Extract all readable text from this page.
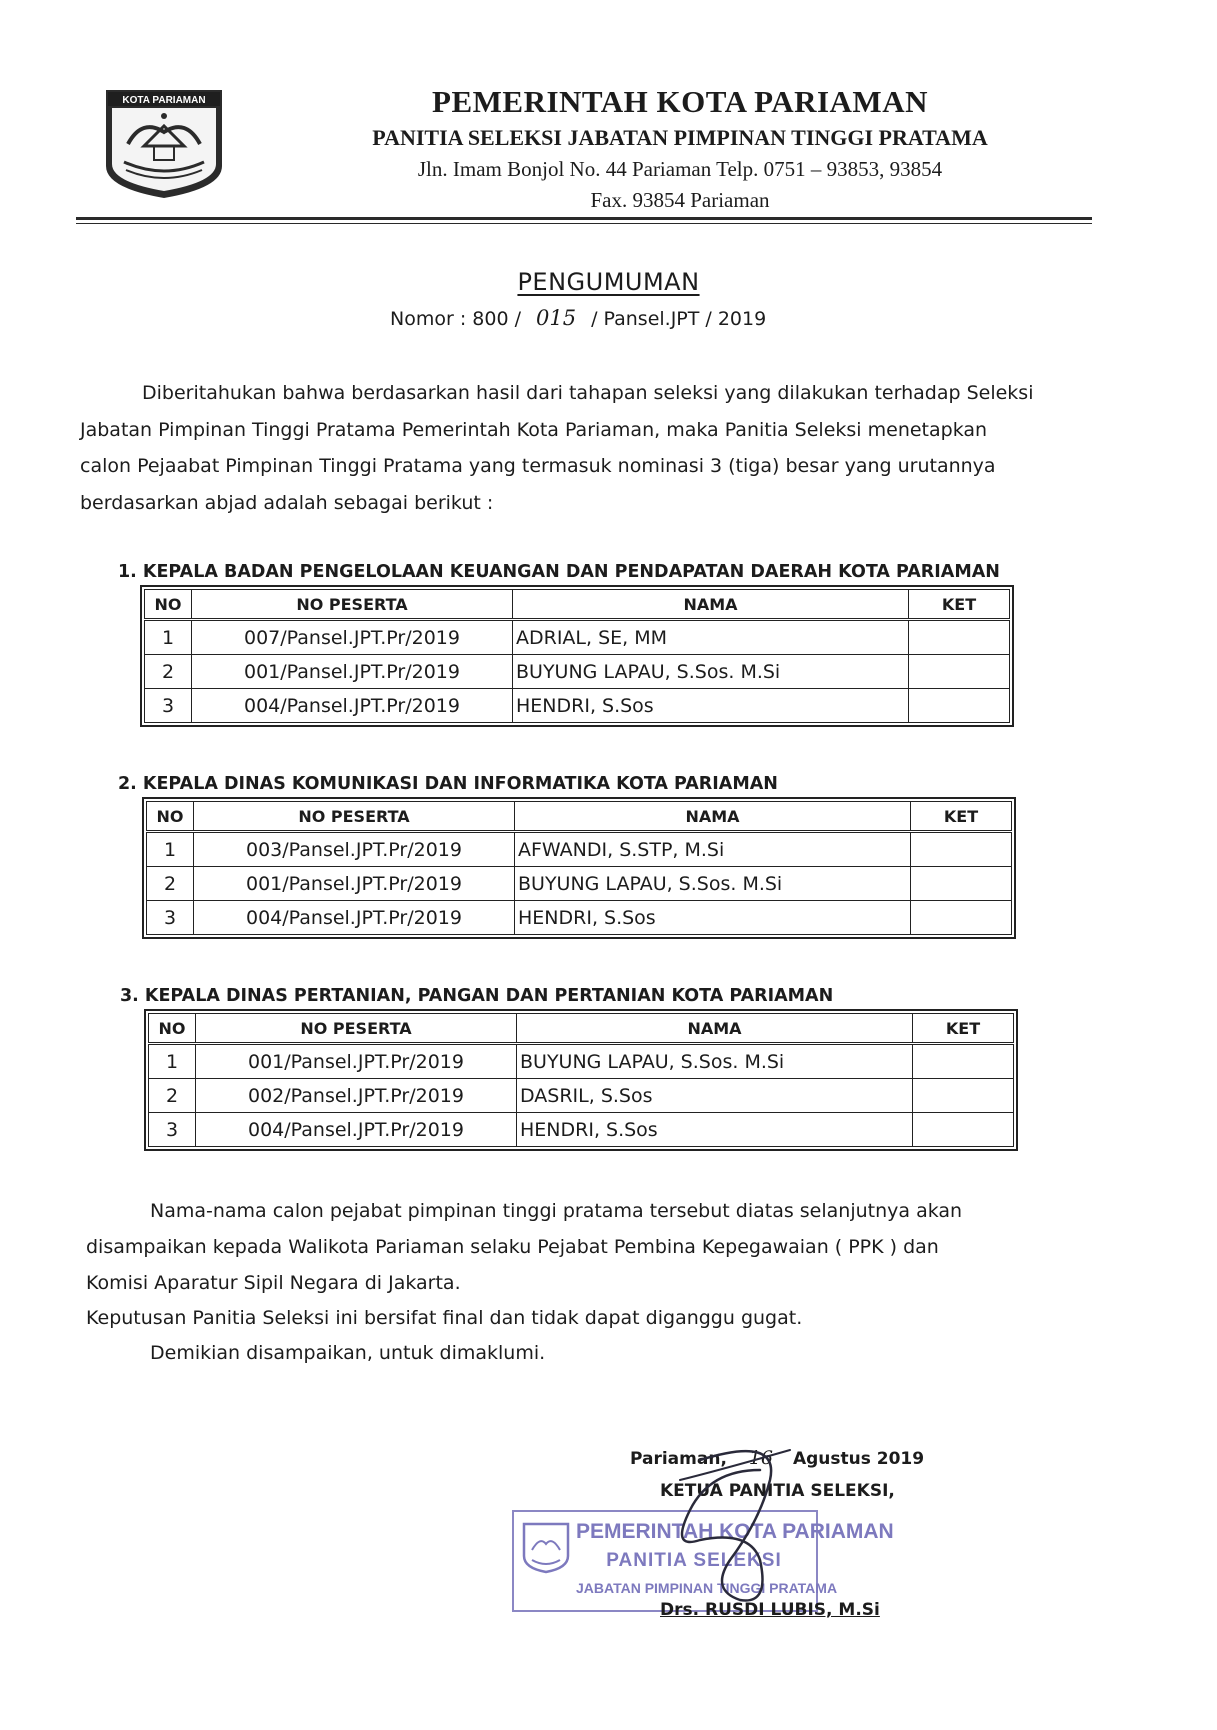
KOTA PARIAMAN	PEMERINTAH KOTA PARIAMAN
PANITIA SELEKSI JABATAN PIMPINAN TINGGI PRATAMA
Jln. Imam Bonjol No. 44 Pariaman Telp. 0751 – 93853, 93854
Fax. 93854 Pariaman
PENGUMUMAN
Nomor : 800 / 015 / Pansel.JPT / 2019
Diberitahukan bahwa berdasarkan hasil dari tahapan seleksi yang dilakukan terhadap Seleksi
Jabatan Pimpinan Tinggi Pratama Pemerintah Kota Pariaman, maka Panitia Seleksi menetapkan
calon Pejaabat Pimpinan Tinggi Pratama yang termasuk nominasi 3 (tiga) besar yang urutannya
berdasarkan abjad adalah sebagai berikut :
1. KEPALA BADAN PENGELOLAAN KEUANGAN DAN PENDAPATAN DAERAH KOTA PARIAMAN
NO	NO PESERTA	NAMA	KET
1	007/Pansel.JPT.Pr/2019	ADRIAL, SE, MM	
2	001/Pansel.JPT.Pr/2019	BUYUNG LAPAU, S.Sos. M.Si	
3	004/Pansel.JPT.Pr/2019	HENDRI, S.Sos	
2. KEPALA DINAS KOMUNIKASI DAN INFORMATIKA KOTA PARIAMAN
NO	NO PESERTA	NAMA	KET
1	003/Pansel.JPT.Pr/2019	AFWANDI, S.STP, M.Si	
2	001/Pansel.JPT.Pr/2019	BUYUNG LAPAU, S.Sos. M.Si	
3	004/Pansel.JPT.Pr/2019	HENDRI, S.Sos	
3. KEPALA DINAS PERTANIAN, PANGAN DAN PERTANIAN KOTA PARIAMAN
NO	NO PESERTA	NAMA	KET
1	001/Pansel.JPT.Pr/2019	BUYUNG LAPAU, S.Sos. M.Si	
2	002/Pansel.JPT.Pr/2019	DASRIL, S.Sos	
3	004/Pansel.JPT.Pr/2019	HENDRI, S.Sos	
Nama-nama calon pejabat pimpinan tinggi pratama tersebut diatas selanjutnya akan
disampaikan kepada Walikota Pariaman selaku Pejabat Pembina Kepegawaian ( PPK ) dan
Komisi Aparatur Sipil Negara di Jakarta.
Keputusan Panitia Seleksi ini bersifat final dan tidak dapat diganggu gugat.
Demikian disampaikan, untuk dimaklumi.
Pariaman, 16 Agustus 2019
KETUA PANITIA SELEKSI,
PEMERINTAH KOTA PARIAMAN
PANITIA SELEKSI
JABATAN PIMPINAN TINGGI PRATAMA
Drs. RUSDI LUBIS, M.Si
